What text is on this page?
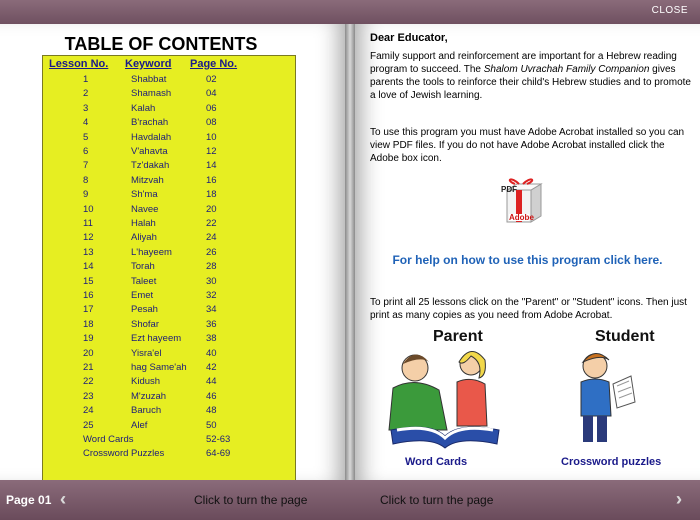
CLOSE
TABLE OF CONTENTS
Lesson No. Keyword Page No.
1	Shabbat	02
2	Shamash	04
3	Kalah	06
4	B'rachah	08
5	Havdalah	10
6	V'ahavta	12
7	Tz'dakah	14
8	Mitzvah	16
9	Sh'ma	18
10	Navee	20
11	Halah	22
12	Aliyah	24
13	L'hayeem	26
14	Torah	28
15	Taleet	30
16	Emet	32
17	Pesah	34
18	Shofar	36
19	Ezt hayeem	38
20	Yisra'el	40
21	hag Same'ah 42
22	Kidush	44
23	M'zuzah	46
24	Baruch	48
25	Alef	50
Word Cards	52-63
Crossword Puzzles	64-69
Dear Educator,
Family support and reinforcement are important for a Hebrew reading program to succeed. The Shalom Uvrachah Family Companion gives parents the tools to reinforce their child's Hebrew studies and to promote a love of Jewish learning.
To use this program you must have Adobe Acrobat installed so you can view PDF files. If you do not have Adobe Acrobat installed click the Adobe box icon.
PDF
Adobe
For help on how to use this program click here.
To print all 25 lessons click on the "Parent" or "Student" icons. Then just print as many copies as you need from Adobe Acrobat.
Parent
Word Cards
Student
Crossword puzzles
Page 01	Click to turn the page	Click to turn the page
